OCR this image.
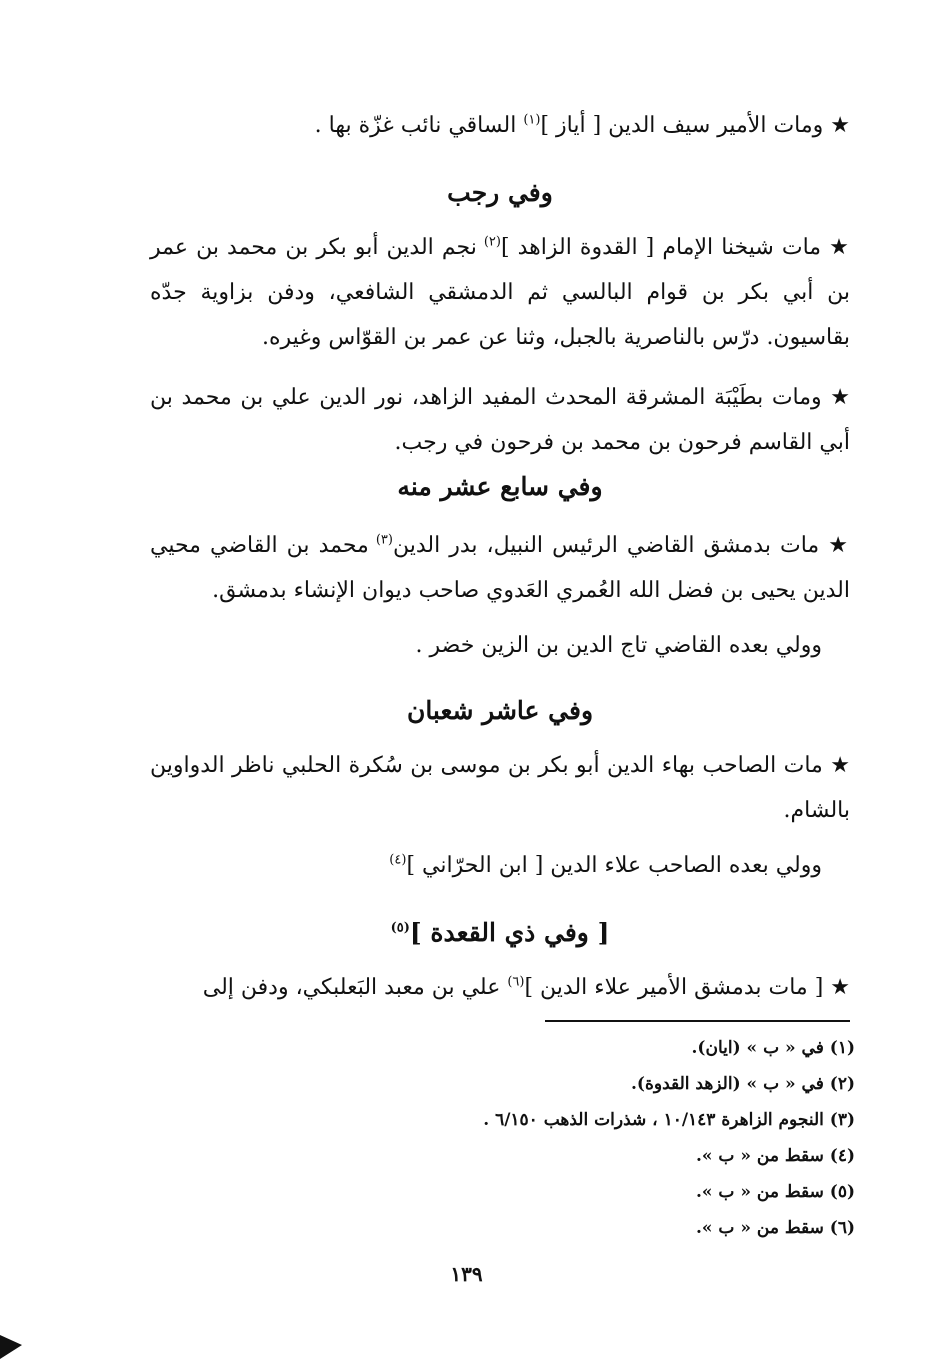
★ ومات الأمير سيف الدين [ أياز ]$^{(١)}$ الساقي نائب غزّة بها .
وفي رجب
★ مات شيخنا الإمام [ القدوة الزاهد ]$^{(٢)}$ نجم الدين أبو بكر بن محمد بن عمر بن أبي بكر بن قوام البالسي ثم الدمشقي الشافعي، ودفن بزاوية جدّه بقاسيون. درّس بالناصرية بالجبل، وثنا عن عمر بن القوّاس وغيره.
★ ومات بطَيْبَة المشرقة المحدث المفيد الزاهد، نور الدين علي بن محمد بن أبي القاسم فرحون بن محمد بن فرحون في رجب.
وفي سابع عشر منه
★ مات بدمشق القاضي الرئيس النبيل، بدر الدين$^{(٣)}$ محمد بن القاضي محيي الدين يحيى بن فضل الله العُمري العَدوي صاحب ديوان الإنشاء بدمشق.
وولي بعده القاضي تاج الدين بن الزين خضر .
وفي عاشر شعبان
★ مات الصاحب بهاء الدين أبو بكر بن موسى بن سُكرة الحلبي ناظر الدواوين بالشام.
وولي بعده الصاحب علاء الدين [ ابن الحرّاني ]$^{(٤)}$
[ وفي ذي القعدة ]$^{(٥)}$
★ [ مات بدمشق الأمير علاء الدين ]$^{(٦)}$ علي بن معبد البَعلبكي، ودفن إلى
(١) في « ب » (ايان).
(٢) في « ب » (الزهد القدوة).
(٣) النجوم الزاهرة ١٠/١٤٣ ، شذرات الذهب ٦/١٥٠ .
(٤) سقط من « ب ».
(٥) سقط من « ب ».
(٦) سقط من « ب ».
١٣٩
